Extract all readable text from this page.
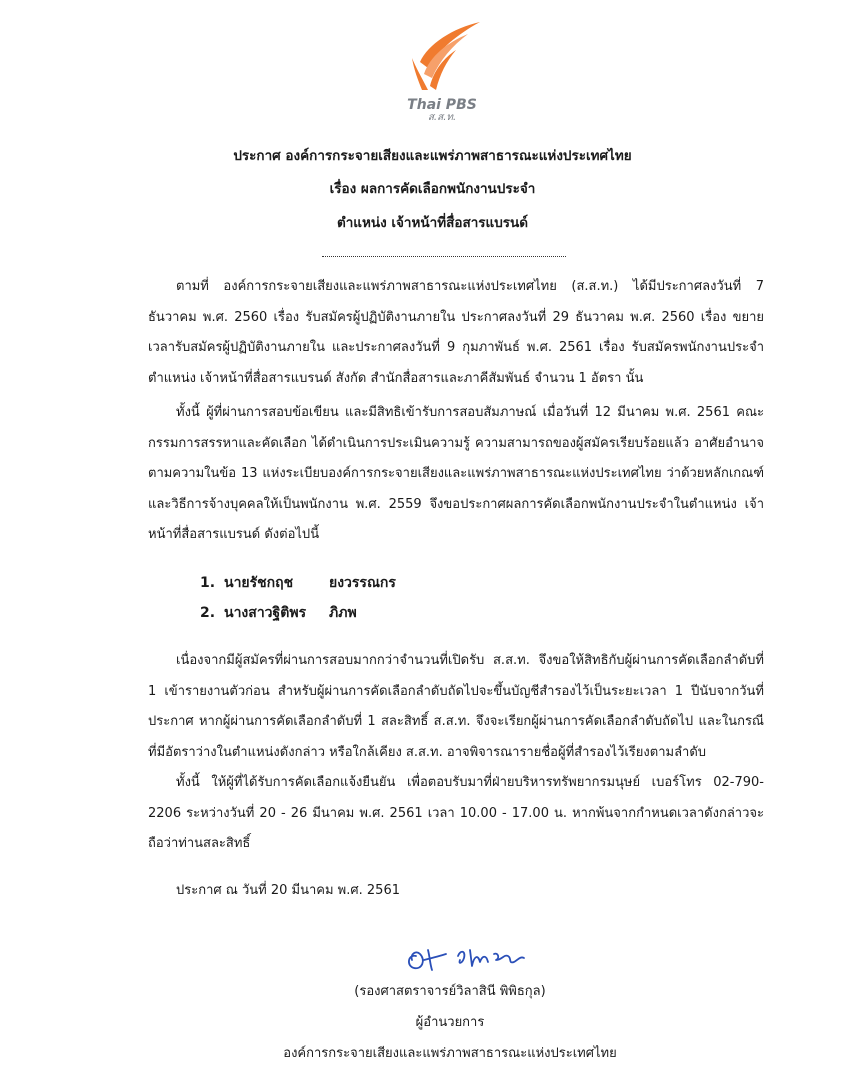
Thai PBS
ส.ส.ท.
ประกาศ องค์การกระจายเสียงและแพร่ภาพสาธารณะแห่งประเทศไทย
เรื่อง ผลการคัดเลือกพนักงานประจำ
ตำแหน่ง เจ้าหน้าที่สื่อสารแบรนด์

ตามที่ องค์การกระจายเสียงและแพร่ภาพสาธารณะแห่งประเทศไทย (ส.ส.ท.) ได้มีประกาศลงวันที่ 7 ธันวาคม พ.ศ. 2560 เรื่อง รับสมัครผู้ปฏิบัติงานภายใน ประกาศลงวันที่ 29 ธันวาคม พ.ศ. 2560 เรื่อง ขยายเวลารับสมัครผู้ปฏิบัติงานภายใน และประกาศลงวันที่ 9 กุมภาพันธ์ พ.ศ. 2561 เรื่อง รับสมัครพนักงานประจำ ตำแหน่ง เจ้าหน้าที่สื่อสารแบรนด์ สังกัด สำนักสื่อสารและภาคีสัมพันธ์ จำนวน 1 อัตรา นั้น

ทั้งนี้ ผู้ที่ผ่านการสอบข้อเขียน และมีสิทธิเข้ารับการสอบสัมภาษณ์ เมื่อวันที่ 12 มีนาคม พ.ศ. 2561 คณะกรรมการสรรหาและคัดเลือก ได้ดำเนินการประเมินความรู้ ความสามารถของผู้สมัครเรียบร้อยแล้ว อาศัยอำนาจตามความในข้อ 13 แห่งระเบียบองค์การกระจายเสียงและแพร่ภาพสาธารณะแห่งประเทศไทย ว่าด้วยหลักเกณฑ์และวิธีการจ้างบุคคลให้เป็นพนักงาน พ.ศ. 2559 จึงขอประกาศผลการคัดเลือกพนักงานประจำในตำแหน่ง เจ้าหน้าที่สื่อสารแบรนด์ ดังต่อไปนี้

1. นายรัชกฤช	ยงวรรณกร
2. นางสาวฐิติพร ภิภพ

เนื่องจากมีผู้สมัครที่ผ่านการสอบมากกว่าจำนวนที่เปิดรับ ส.ส.ท. จึงขอให้สิทธิกับผู้ผ่านการคัดเลือกลำดับที่ 1 เข้ารายงานตัวก่อน สำหรับผู้ผ่านการคัดเลือกลำดับถัดไปจะขึ้นบัญชีสำรองไว้เป็นระยะเวลา 1 ปีนับจากวันที่ประกาศ หากผู้ผ่านการคัดเลือกลำดับที่ 1 สละสิทธิ์ ส.ส.ท. จึงจะเรียกผู้ผ่านการคัดเลือกลำดับถัดไป และในกรณีที่มีอัตราว่างในตำแหน่งดังกล่าว หรือใกล้เคียง ส.ส.ท. อาจพิจารณารายชื่อผู้ที่สำรองไว้เรียงตามลำดับ

ทั้งนี้ ให้ผู้ที่ได้รับการคัดเลือกแจ้งยืนยัน เพื่อตอบรับมาที่ฝ่ายบริหารทรัพยากรมนุษย์ เบอร์โทร 02-790-2206 ระหว่างวันที่ 20 - 26 มีนาคม พ.ศ. 2561 เวลา 10.00 - 17.00 น. หากพ้นจากกำหนดเวลาดังกล่าวจะถือว่าท่านสละสิทธิ์

ประกาศ ณ วันที่ 20 มีนาคม พ.ศ. 2561

(รองศาสตราจารย์วิลาสินี พิพิธกุล)
ผู้อำนวยการ
องค์การกระจายเสียงและแพร่ภาพสาธารณะแห่งประเทศไทย
